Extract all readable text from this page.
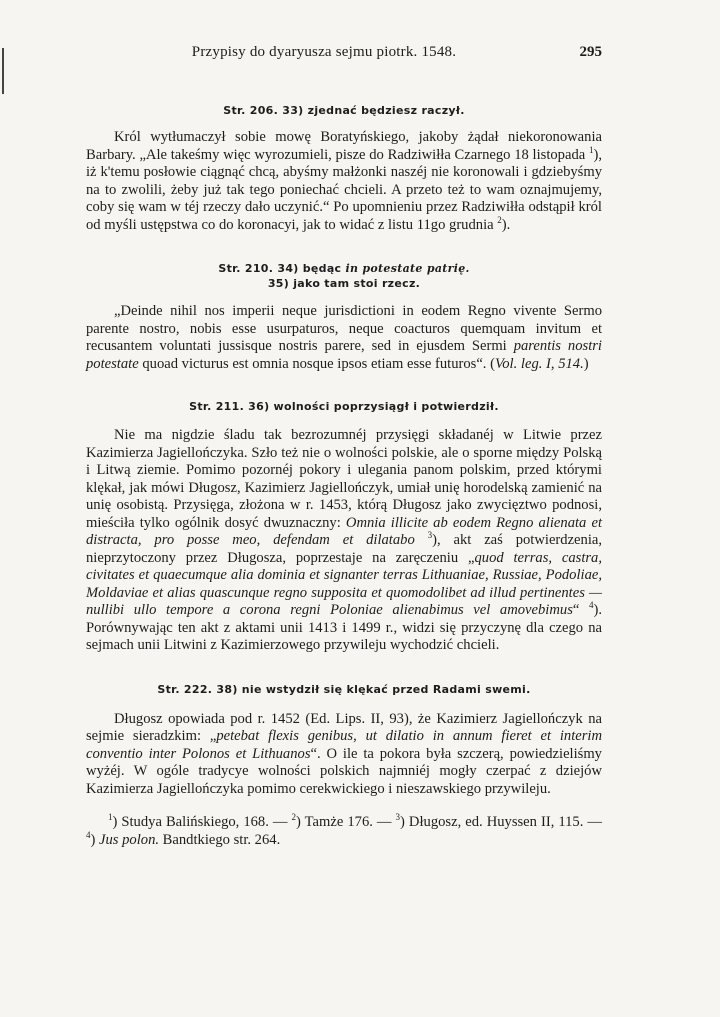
Przypisy do dyaryusza sejmu piotrk. 1548.	295
Str. 206. 33) zjednać będziesz raczył.

Król wytłumaczył sobie mowę Boratyńskiego, jakoby żądał niekoronowania Barbary. „Ale takeśmy więc wyrozumieli, pisze do Radziwiłła Czarnego 18 listopada $^1$), iż k'temu posłowie ciągnąć chcą, abyśmy małżonki naszéj nie koronowali i gdziebyśmy na to zwolili, żeby już tak tego poniechać chcieli. A przeto też to wam oznajmujemy, coby się wam w téj rzeczy dało uczynić.“ Po upomnieniu przez Radziwiłła odstąpił król od myśli ustępstwa co do koronacyi, jak to widać z listu 11go grudnia $^2$).

Str. 210. 34) będąc in potestate patrię.
35) jako tam stoi rzecz.

„Deinde nihil nos imperii neque jurisdictioni in eodem Regno vivente Sermo parente nostro, nobis esse usurpaturos, neque coacturos quemquam invitum et recusantem voluntati jussisque nostris parere, sed in ejusdem Sermi parentis nostri potestate quoad victurus est omnia nosque ipsos etiam esse futuros“. (Vol. leg. I, 514.)

Str. 211. 36) wolności poprzysiągł i potwierdził.

Nie ma nigdzie śladu tak bezrozumnéj przysięgi składanéj w Litwie przez Kazimierza Jagiellończyka. Szło też nie o wolności polskie, ale o sporne między Polską i Litwą ziemie. Pomimo pozornéj pokory i ulegania panom polskim, przed którymi klękał, jak mówi Długosz, Kazimierz Jagiellończyk, umiał unię horodelską zamienić na unię osobistą. Przysięga, złożona w r. 1453, którą Długosz jako zwycięztwo podnosi, mieściła tylko ogólnik dosyć dwuznaczny: Omnia illicite ab eodem Regno alienata et distracta, pro posse meo, defendam et dilatabo $^3$), akt zaś potwierdzenia, nieprzytoczony przez Długosza, poprzestaje na zaręczeniu „quod terras, castra, civitates et quaecumque alia dominia et signanter terras Lithuaniae, Russiae, Podoliae, Moldaviae et alias quascunque regno supposita et quomodolibet ad illud pertinentes — nullibi ullo tempore a corona regni Poloniae alienabimus vel amovebimus“ $^4$). Porównywając ten akt z aktami unii 1413 i 1499 r., widzi się przyczynę dla czego na sejmach unii Litwini z Kazimierzowego przywileju wychodzić chcieli.

Str. 222. 38) nie wstydził się klękać przed Radami swemi.

Długosz opowiada pod r. 1452 (Ed. Lips. II, 93), że Kazimierz Jagiellończyk na sejmie sieradzkim: „petebat flexis genibus, ut dilatio in annum fieret et interim conventio inter Polonos et Lithuanos“. O ile ta pokora była szczerą, powiedzieliśmy wyżéj. W ogóle tradycye wolności polskich najmniéj mogły czerpać z dziejów Kazimierza Jagiellończyka pomimo cerekwickiego i nieszawskiego przywileju.

$^1$) Studya Balińskiego, 168. — $^2$) Tamże 176. — $^3$) Długosz, ed. Huyssen II, 115. — $^4$) Jus polon. Bandtkiego str. 264.
